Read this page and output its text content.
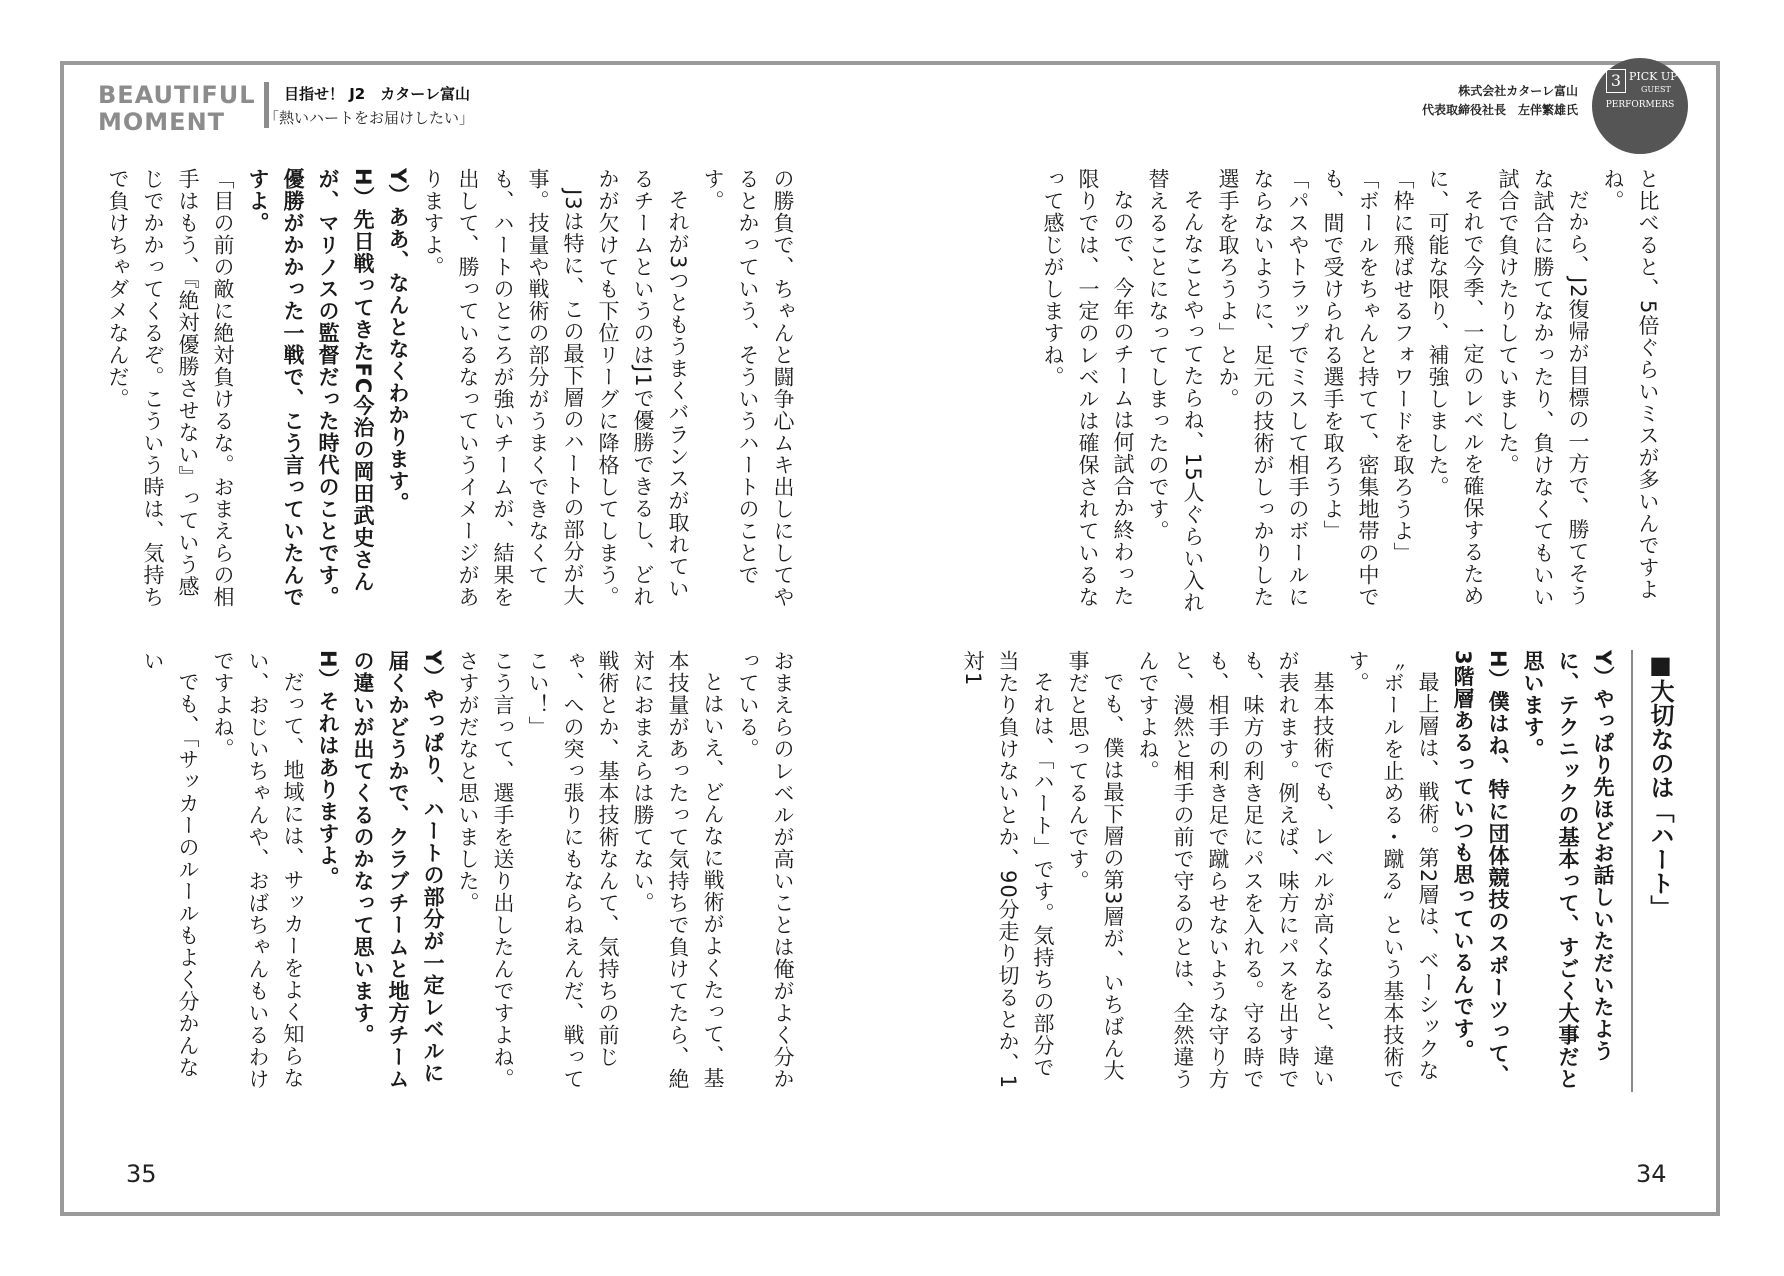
BEAUTIFUL
MOMENT
目指せ！ J2　カターレ富山
「熱いハートをお届けしたい」
株式会社カターレ富山
代表取締役社長　左伴繁雄氏
3 PICK UP
GUEST
PERFORMERS

と比べると、5倍ぐらいミスが多いんですよね。

だから、J2復帰が目標の一方で、勝てそうな試合に勝てなかったり、負けなくてもいい試合で負けたりしていました。

それで今季、一定のレベルを確保するために、可能な限り、補強しました。

「枠に飛ばせるフォワードを取ろうよ」

「ボールをちゃんと持てて、密集地帯の中でも、間で受けられる選手を取ろうよ」

「パスやトラップでミスして相手のボールにならないように、足元の技術がしっかりした選手を取ろうよ」とか。

そんなことやってたらね、15人ぐらい入れ替えることになってしまったのです。

なので、今年のチームは何試合か終わった限りでは、一定のレベルは確保されているなって感じがしますね。

■大切なのは「ハート」

Y）やっぱり先ほどお話しいただいたように、テクニックの基本って、すごく大事だと思います。

H）僕はね、特に団体競技のスポーツって、3階層あるっていつも思っているんです。

最上層は、戦術。第2層は、ベーシックな〝ボールを止める・蹴る〟という基本技術です。

基本技術でも、レベルが高くなると、違いが表れます。例えば、味方にパスを出す時でも、味方の利き足にパスを入れる。守る時でも、相手の利き足で蹴らせないような守り方と、漫然と相手の前で守るのとは、全然違うんですよね。

でも、僕は最下層の第3層が、いちばん大事だと思ってるんです。

それは、「ハート」です。気持ちの部分で当たり負けないとか、90分走り切るとか、1対1

34

の勝負で、ちゃんと闘争心ムキ出しにしてやるとかっていう、そういうハートのことです。

それが3つともうまくバランスが取れているチームというのはJ1で優勝できるし、どれかが欠けても下位リーグに降格してしまう。

J3は特に、この最下層のハートの部分が大事。技量や戦術の部分がうまくできなくても、ハートのところが強いチームが、結果を出して、勝っているなっていうイメージがありますよ。

Y）ああ、なんとなくわかります。

H）先日戦ってきたFC今治の岡田武史さんが、マリノスの監督だった時代のことです。優勝がかかった一戦で、こう言っていたんですよ。

「目の前の敵に絶対負けるな。おまえらの相手はもう、『絶対優勝させない』っていう感じでかかってくるぞ。こういう時は、気持ちで負けちゃダメなんだ。

おまえらのレベルが高いことは俺がよく分かっている。

とはいえ、どんなに戦術がよくたって、基本技量があったって気持ちで負けてたら、絶対におまえらは勝てない。

戦術とか、基本技術なんて、気持ちの前じゃ、への突っ張りにもならねえんだ、戦ってこい！」

こう言って、選手を送り出したんですよね。さすがだなと思いました。

Y）やっぱり、ハートの部分が一定レベルに届くかどうかで、クラブチームと地方チームの違いが出てくるのかなって思います。

H）それはありますよ。

だって、地域には、サッカーをよく知らない、おじいちゃんや、おばちゃんもいるわけですよね。

でも、「サッカーのルールもよく分かんない

35
